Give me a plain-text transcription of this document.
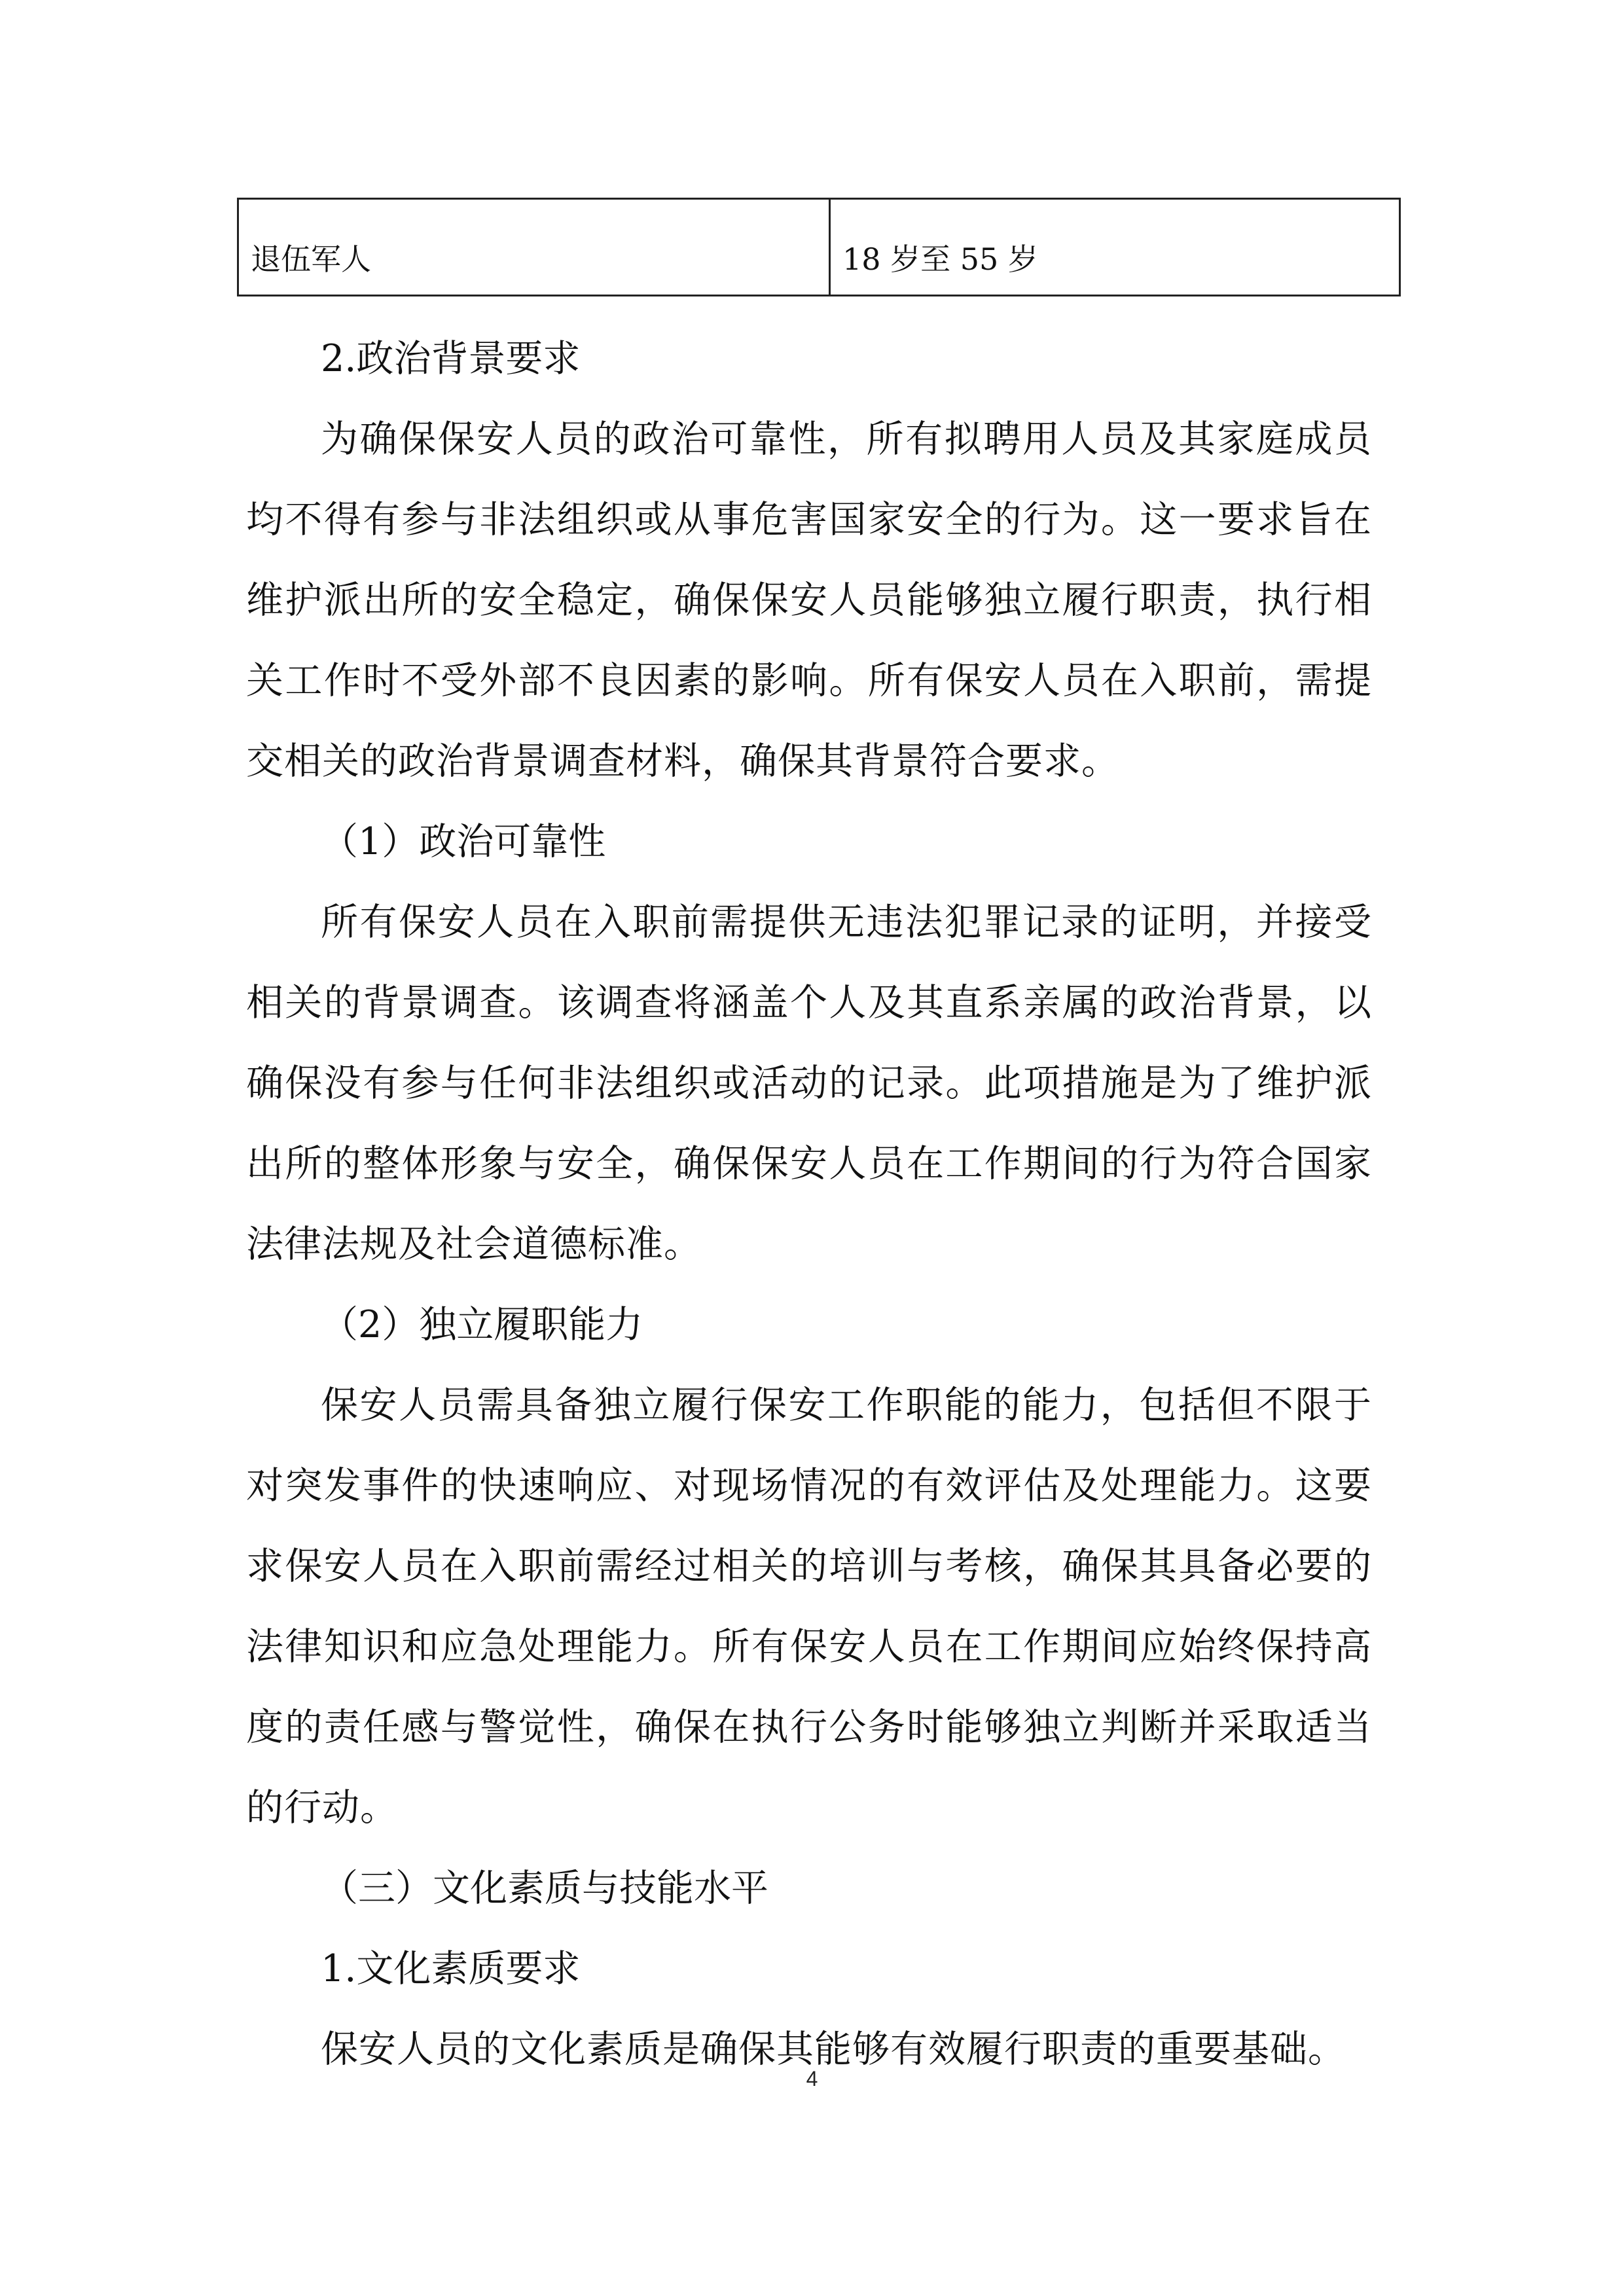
退伍军人	18 岁至 55 岁

2.政治背景要求

为确保保安人员的政治可靠性，所有拟聘用人员及其家庭成员均不得有参与非法组织或从事危害国家安全的行为。这一要求旨在维护派出所的安全稳定，确保保安人员能够独立履行职责，执行相关工作时不受外部不良因素的影响。所有保安人员在入职前，需提交相关的政治背景调查材料，确保其背景符合要求。

（1）政治可靠性

所有保安人员在入职前需提供无违法犯罪记录的证明，并接受相关的背景调查。该调查将涵盖个人及其直系亲属的政治背景，以确保没有参与任何非法组织或活动的记录。此项措施是为了维护派出所的整体形象与安全，确保保安人员在工作期间的行为符合国家法律法规及社会道德标准。

（2）独立履职能力

保安人员需具备独立履行保安工作职能的能力，包括但不限于对突发事件的快速响应、对现场情况的有效评估及处理能力。这要求保安人员在入职前需经过相关的培训与考核，确保其具备必要的法律知识和应急处理能力。所有保安人员在工作期间应始终保持高度的责任感与警觉性，确保在执行公务时能够独立判断并采取适当的行动。

（三）文化素质与技能水平

1.文化素质要求

保安人员的文化素质是确保其能够有效履行职责的重要基础。

4
